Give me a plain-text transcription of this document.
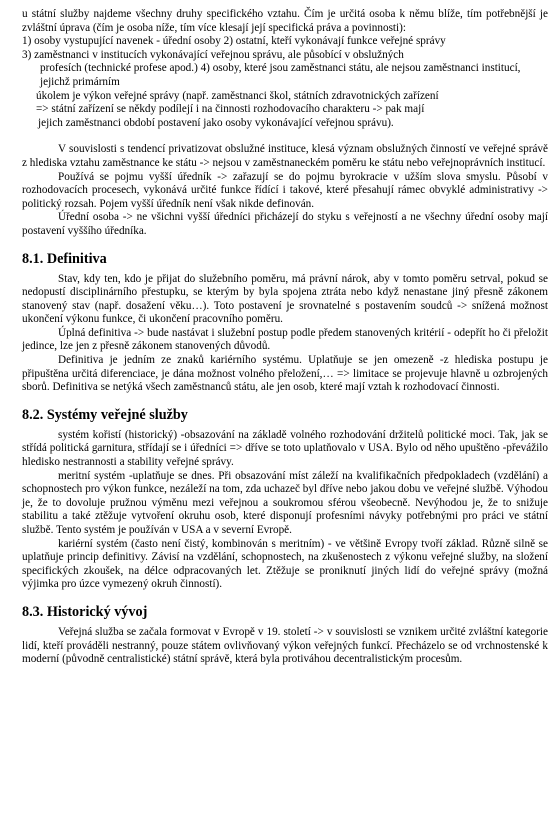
u státní služby najdeme všechny druhy specifického vztahu. Čím je určitá osoba k němu blíže, tím potřebnější je zvláštní úprava (čím je osoba níže, tím více klesají její specifická práva a povinnosti):

1) osoby vystupující navenek - úřední osoby 2) ostatní, kteří vykonávají funkce veřejné správy

3) zaměstnanci v institucích vykonávající veřejnou správu, ale působící v obslužných

profesích (technické profese apod.) 4) osoby, které jsou zaměstnanci státu, ale nejsou zaměstnanci institucí, jejichž primárním

úkolem je výkon veřejné správy (např. zaměstnanci škol, státních zdravotnických zařízení

=> státní zařízení se někdy podílejí i na činnosti rozhodovacího charakteru -> pak mají

jejich zaměstnanci období postavení jako osoby vykonávající veřejnou správu).

V souvislosti s tendencí privatizovat obslužné instituce, klesá význam obslužných činností ve veřejné správě z hlediska vztahu zaměstnance ke státu -> nejsou v zaměstnaneckém poměru ke státu nebo veřejnoprávních institucí.

Používá se pojmu vyšší úředník -> zařazují se do pojmu byrokracie v užším slova smyslu. Působí v rozhodovacích procesech, vykonává určité funkce řídící i takové, které přesahují rámec obvyklé administrativy -> politický rozsah. Pojem vyšší úředník není však nikde definován.

Úřední osoba -> ne všichni vyšší úředníci přicházejí do styku s veřejností a ne všechny úřední osoby mají postavení vyššího úředníka.

8.1. Definitiva

Stav, kdy ten, kdo je přijat do služebního poměru, má právní nárok, aby v tomto poměru setrval, pokud se nedopustí disciplinárního přestupku, se kterým by byla spojena ztráta nebo když nenastane jiný přesně zákonem stanovený stav (např. dosažení věku…). Toto postavení je srovnatelné s postavením soudců -> snížená možnost ukončení výkonu funkce, či ukončení pracovního poměru.

Úplná definitiva -> bude nastávat i služební postup podle předem stanovených kritérií - odepřít ho či přeložit jedince, lze jen z přesně zákonem stanovených důvodů.

Definitiva je jedním ze znaků kariérního systému. Uplatňuje se jen omezeně -z hlediska postupu je připuštěna určitá diferenciace, je dána možnost volného přeložení,… => limitace se projevuje hlavně u ozbrojených sborů. Definitiva se netýká všech zaměstnanců státu, ale jen osob, které mají vztah k rozhodovací činnosti.

8.2. Systémy veřejné služby

systém kořistí (historický) -obsazování na základě volného rozhodování držitelů politické moci. Tak, jak se střídá politická garnitura, střídají se i úředníci => dříve se toto uplatňovalo v USA. Bylo od něho upuštěno -převážilo hledisko nestrannosti a stability veřejné správy.

meritní systém -uplatňuje se dnes. Při obsazování míst záleží na kvalifikačních předpokladech (vzdělání) a schopnostech pro výkon funkce, nezáleží na tom, zda uchazeč byl dříve nebo jakou dobu ve veřejné službě. Výhodou je, že to dovoluje pružnou výměnu mezi veřejnou a soukromou sférou všeobecně. Nevýhodou je, že to snižuje stabilitu a také ztěžuje vytvoření okruhu osob, které disponují profesními návyky potřebnými pro práci ve státní službě. Tento systém je používán v USA a v severní Evropě.

kariérní systém (často není čistý, kombinován s meritním) - ve většině Evropy tvoří základ. Různě silně se uplatňuje princip definitivy. Závisí na vzdělání, schopnostech, na zkušenostech z výkonu veřejné služby, na složení specifických zkoušek, na délce odpracovaných let. Ztěžuje se proniknutí jiných lidí do veřejné správy (možná výjimka pro úzce vymezený okruh činností).

8.3. Historický vývoj

Veřejná služba se začala formovat v Evropě v 19. století -> v souvislosti se vznikem určité zvláštní kategorie lidí, kteří prováděli nestranný, pouze státem ovlivňovaný výkon veřejných funkcí. Přecházelo se od vrchnostenské k moderní (původně centralistické) státní správě, která byla protiváhou decentralistickým procesům.
